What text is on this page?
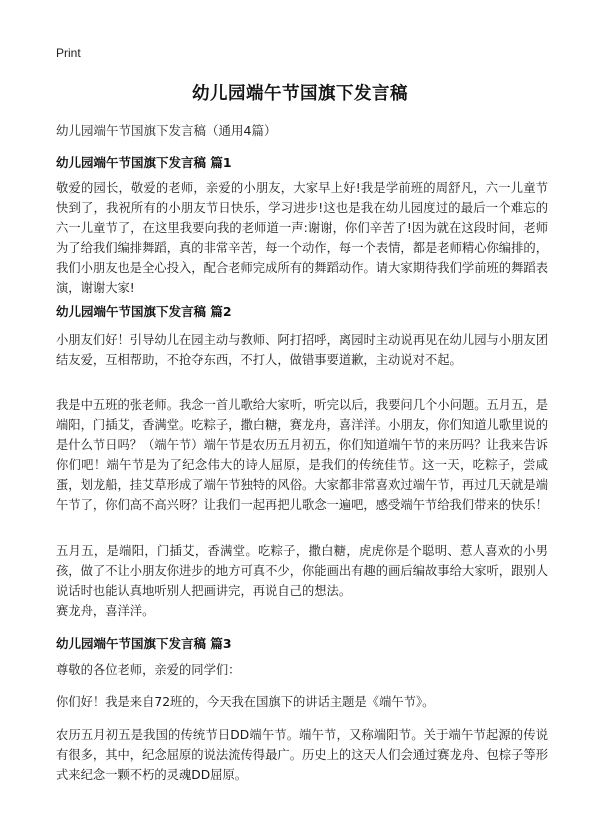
Print
幼儿园端午节国旗下发言稿
幼儿园端午节国旗下发言稿（通用4篇）
幼儿园端午节国旗下发言稿 篇1

敬爱的园长，敬爱的老师，亲爱的小朋友，大家早上好!我是学前班的周舒凡，六一儿童节快到了，我祝所有的小朋友节日快乐，学习进步!这也是我在幼儿园度过的最后一个难忘的六一儿童节了，在这里我要向我的老师道一声:谢谢，你们辛苦了!因为就在这段时间，老师为了给我们编排舞蹈，真的非常辛苦，每一个动作，每一个表情，都是老师精心你编排的，我们小朋友也是全心投入，配合老师完成所有的舞蹈动作。请大家期待我们学前班的舞蹈表演，谢谢大家!

幼儿园端午节国旗下发言稿 篇2

小朋友们好！引导幼儿在园主动与教师、阿打招呼，离园时主动说再见在幼儿园与小朋友团结友爱，互相帮助，不抢夺东西，不打人，做错事要道歉，主动说对不起。

我是中五班的张老师。我念一首儿歌给大家听，听完以后，我要问几个小问题。五月五，是端阳，门插艾，香满堂。吃粽子，撒白糖，赛龙舟，喜洋洋。小朋友，你们知道儿歌里说的是什么节日吗？（端午节）端午节是农历五月初五，你们知道端午节的来历吗？让我来告诉你们吧！端午节是为了纪念伟大的诗人屈原，是我们的传统佳节。这一天，吃粽子，尝咸蛋，划龙船，挂艾草形成了端午节独特的风俗。大家都非常喜欢过端午节，再过几天就是端午节了，你们高不高兴呀？让我们一起再把儿歌念一遍吧，感受端午节给我们带来的快乐！

五月五，是端阳，门插艾，香满堂。吃粽子，撒白糖，虎虎你是个聪明、惹人喜欢的小男孩，做了不让小朋友你进步的地方可真不少，你能画出有趣的画后编故事给大家听，跟别人说话时也能认真地听别人把画讲完，再说自己的想法。

赛龙舟，喜洋洋。

幼儿园端午节国旗下发言稿 篇3

尊敬的各位老师，亲爱的同学们：

你们好！我是来自72班的，今天我在国旗下的讲话主题是《端午节》。

农历五月初五是我国的传统节日DD端午节。端午节，又称端阳节。关于端午节起源的传说有很多，其中，纪念屈原的说法流传得最广。历史上的这天人们会通过赛龙舟、包棕子等形式来纪念一颗不朽的灵魂DD屈原。
